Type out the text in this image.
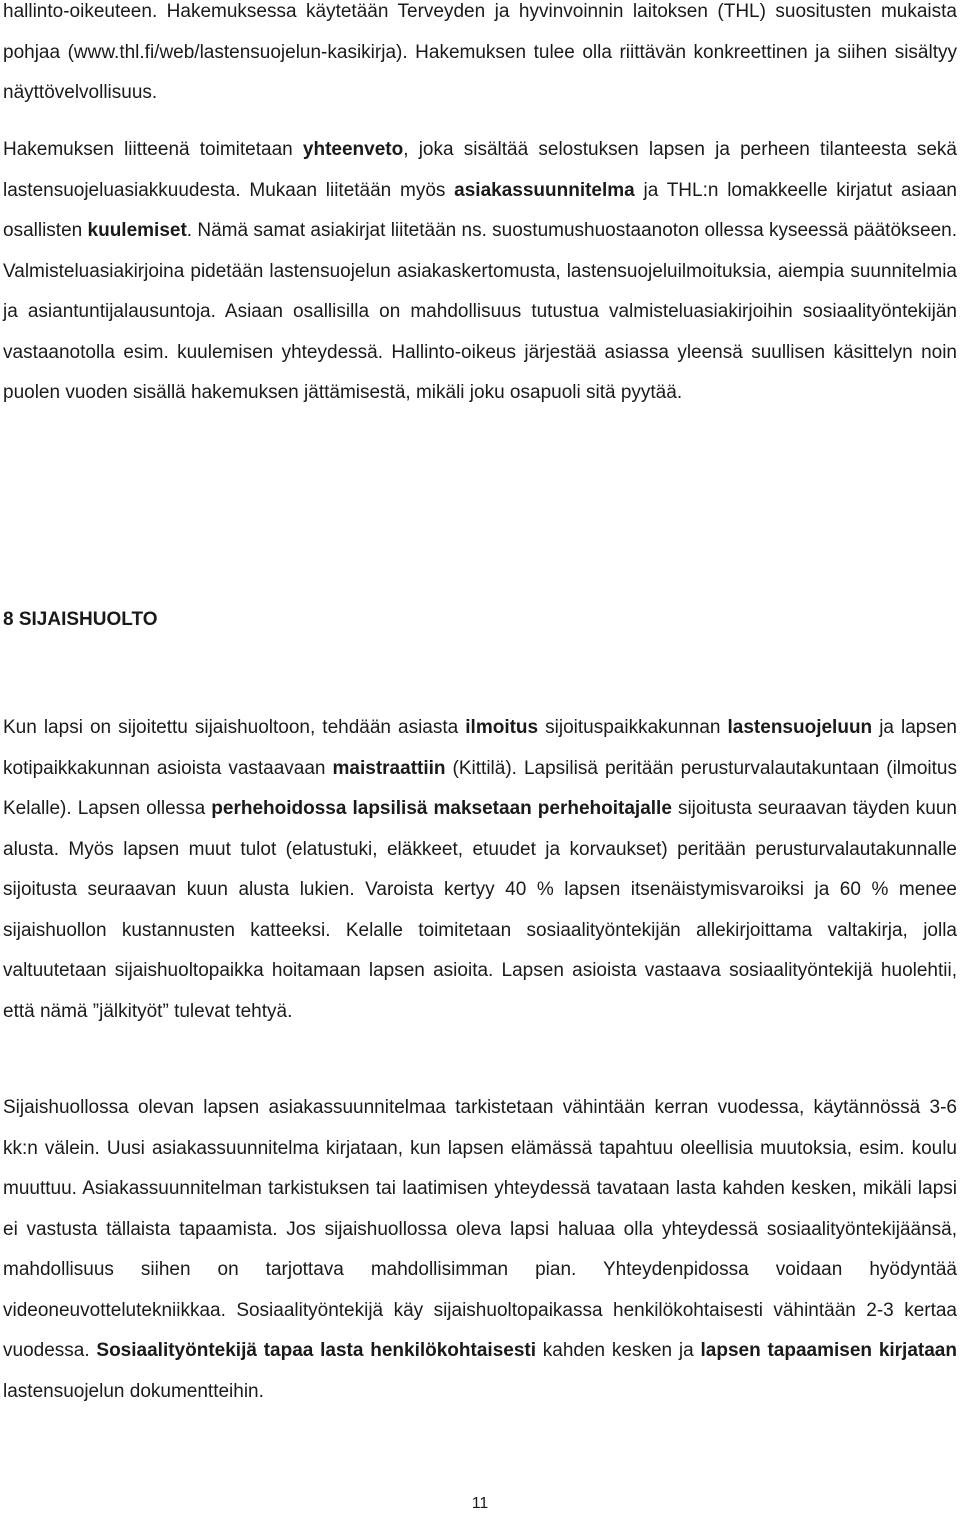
hallinto-oikeuteen. Hakemuksessa käytetään Terveyden ja hyvinvoinnin laitoksen (THL) suositusten mukaista pohjaa (www.thl.fi/web/lastensuojelun-kasikirja). Hakemuksen tulee olla riittävän konkreettinen ja siihen sisältyy näyttövelvollisuus.

Hakemuksen liitteenä toimitetaan yhteenveto, joka sisältää selostuksen lapsen ja perheen tilanteesta sekä lastensuojeluasiakkuudesta. Mukaan liitetään myös asiakassuunnitelma ja THL:n lomakkeelle kirjatut asiaan osallisten kuulemiset. Nämä samat asiakirjat liitetään ns. suostumushuostaanoton ollessa kyseessä päätökseen. Valmisteluasiakirjoina pidetään lastensuojelun asiakaskertomusta, lastensuojeluilmoituksia, aiempia suunnitelmia ja asiantuntijalausuntoja. Asiaan osallisilla on mahdollisuus tutustua valmisteluasiakirjoihin sosiaalityöntekijän vastaanotolla esim. kuulemisen yhteydessä. Hallinto-oikeus järjestää asiassa yleensä suullisen käsittelyn noin puolen vuoden sisällä hakemuksen jättämisestä, mikäli joku osapuoli sitä pyytää.

8 SIJAISHUOLTO

Kun lapsi on sijoitettu sijaishuoltoon, tehdään asiasta ilmoitus sijoituspaikkakunnan lastensuojeluun ja lapsen kotipaikkakunnan asioista vastaavaan maistraattiin (Kittilä). Lapsilisä peritään perusturvalautakuntaan (ilmoitus Kelalle). Lapsen ollessa perhehoidossa lapsilisä maksetaan perhehoitajalle sijoitusta seuraavan täyden kuun alusta. Myös lapsen muut tulot (elatustuki, eläkkeet, etuudet ja korvaukset) peritään perusturvalautakunnalle sijoitusta seuraavan kuun alusta lukien. Varoista kertyy 40 % lapsen itsenäistymisvaroiksi ja 60 % menee sijaishuollon kustannusten katteeksi. Kelalle toimitetaan sosiaalityöntekijän allekirjoittama valtakirja, jolla valtuutetaan sijaishuoltopaikka hoitamaan lapsen asioita. Lapsen asioista vastaava sosiaalityöntekijä huolehtii, että nämä ”jälkityöt” tulevat tehtyä.

Sijaishuollossa olevan lapsen asiakassuunnitelmaa tarkistetaan vähintään kerran vuodessa, käytännössä 3-6 kk:n välein. Uusi asiakassuunnitelma kirjataan, kun lapsen elämässä tapahtuu oleellisia muutoksia, esim. koulu muuttuu. Asiakassuunnitelman tarkistuksen tai laatimisen yhteydessä tavataan lasta kahden kesken, mikäli lapsi ei vastusta tällaista tapaamista. Jos sijaishuollossa oleva lapsi haluaa olla yhteydessä sosiaalityöntekijäänsä, mahdollisuus siihen on tarjottava mahdollisimman pian. Yhteydenpidossa voidaan hyödyntää videoneuvottelutekniikkaa. Sosiaalityöntekijä käy sijaishuoltopaikassa henkilökohtaisesti vähintään 2-3 kertaa vuodessa. Sosiaalityöntekijä tapaa lasta henkilökohtaisesti kahden kesken ja lapsen tapaamisen kirjataan lastensuojelun dokumentteihin.

11
